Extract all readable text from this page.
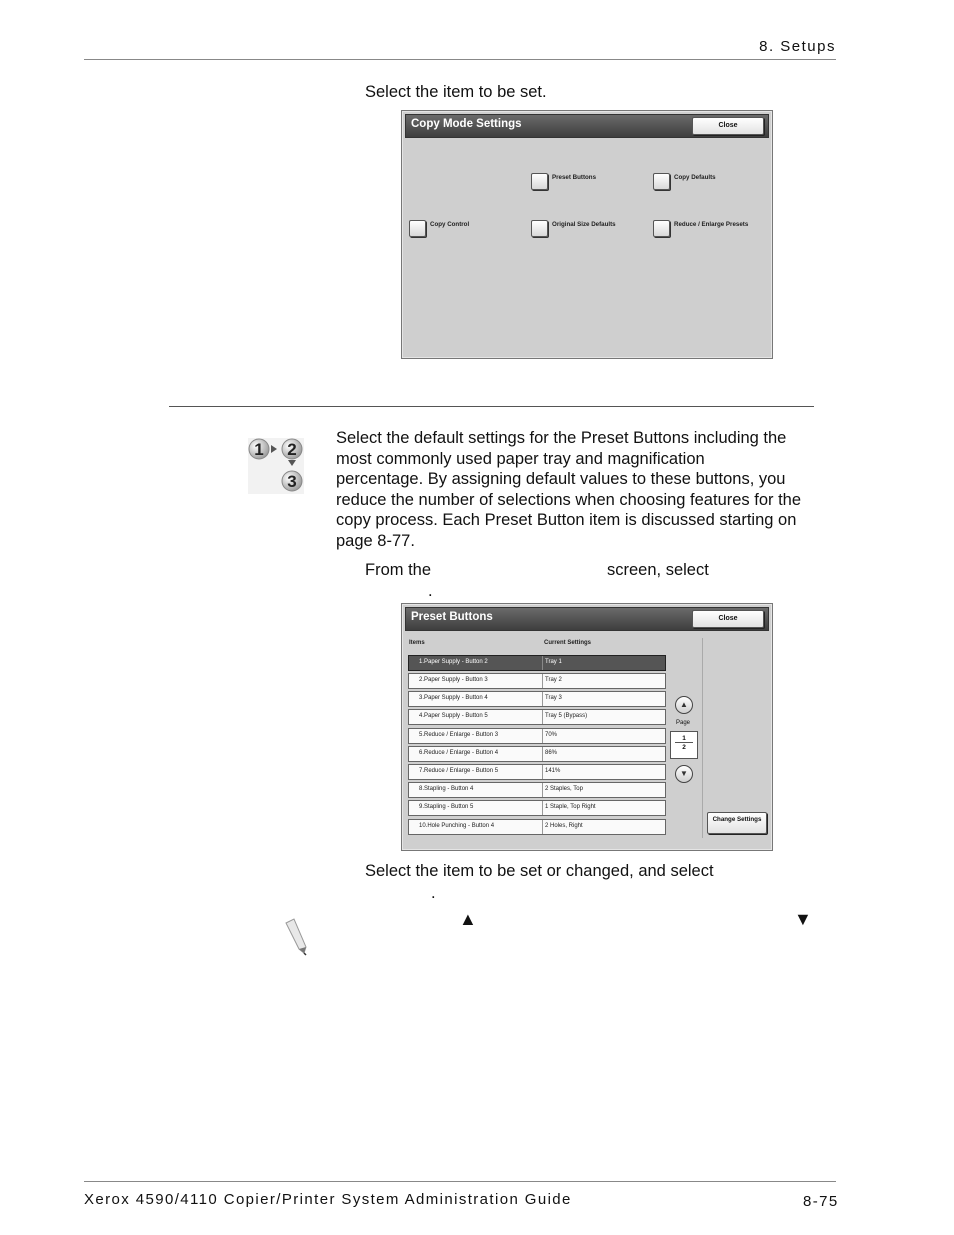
8. Setups
Select the item to be set.
Copy Mode Settings	Close
Preset Buttons	Copy Defaults
Copy Control	Original Size Defaults	Reduce / Enlarge Presets
1 2
3
Select the default settings for the Preset Buttons including the
most commonly used paper tray and magnification
percentage. By assigning default values to these buttons, you
reduce the number of selections when choosing features for the
copy process. Each Preset Button item is discussed starting on
page 8-77.
From the	screen, select
.
Preset Buttons	Close
Items	Current Settings
1.Paper Supply - Button 2	Tray 1
2.Paper Supply - Button 3	Tray 2
3.Paper Supply - Button 4	Tray 3
4.Paper Supply - Button 5	Tray 5 (Bypass)
5.Reduce / Enlarge - Button 3	70%
6.Reduce / Enlarge - Button 4	86%
7.Reduce / Enlarge - Button 5	141%
8.Stapling - Button 4	2 Staples, Top
9.Stapling - Button 5	1 Staple, Top Right
10.Hole Punching - Button 4	2 Holes, Right
▲
Page
1
2
▼
Change Settings
Select the item to be set or changed, and select
.
▲	▼
Xerox 4590/4110 Copier/Printer System Administration Guide	8-75
